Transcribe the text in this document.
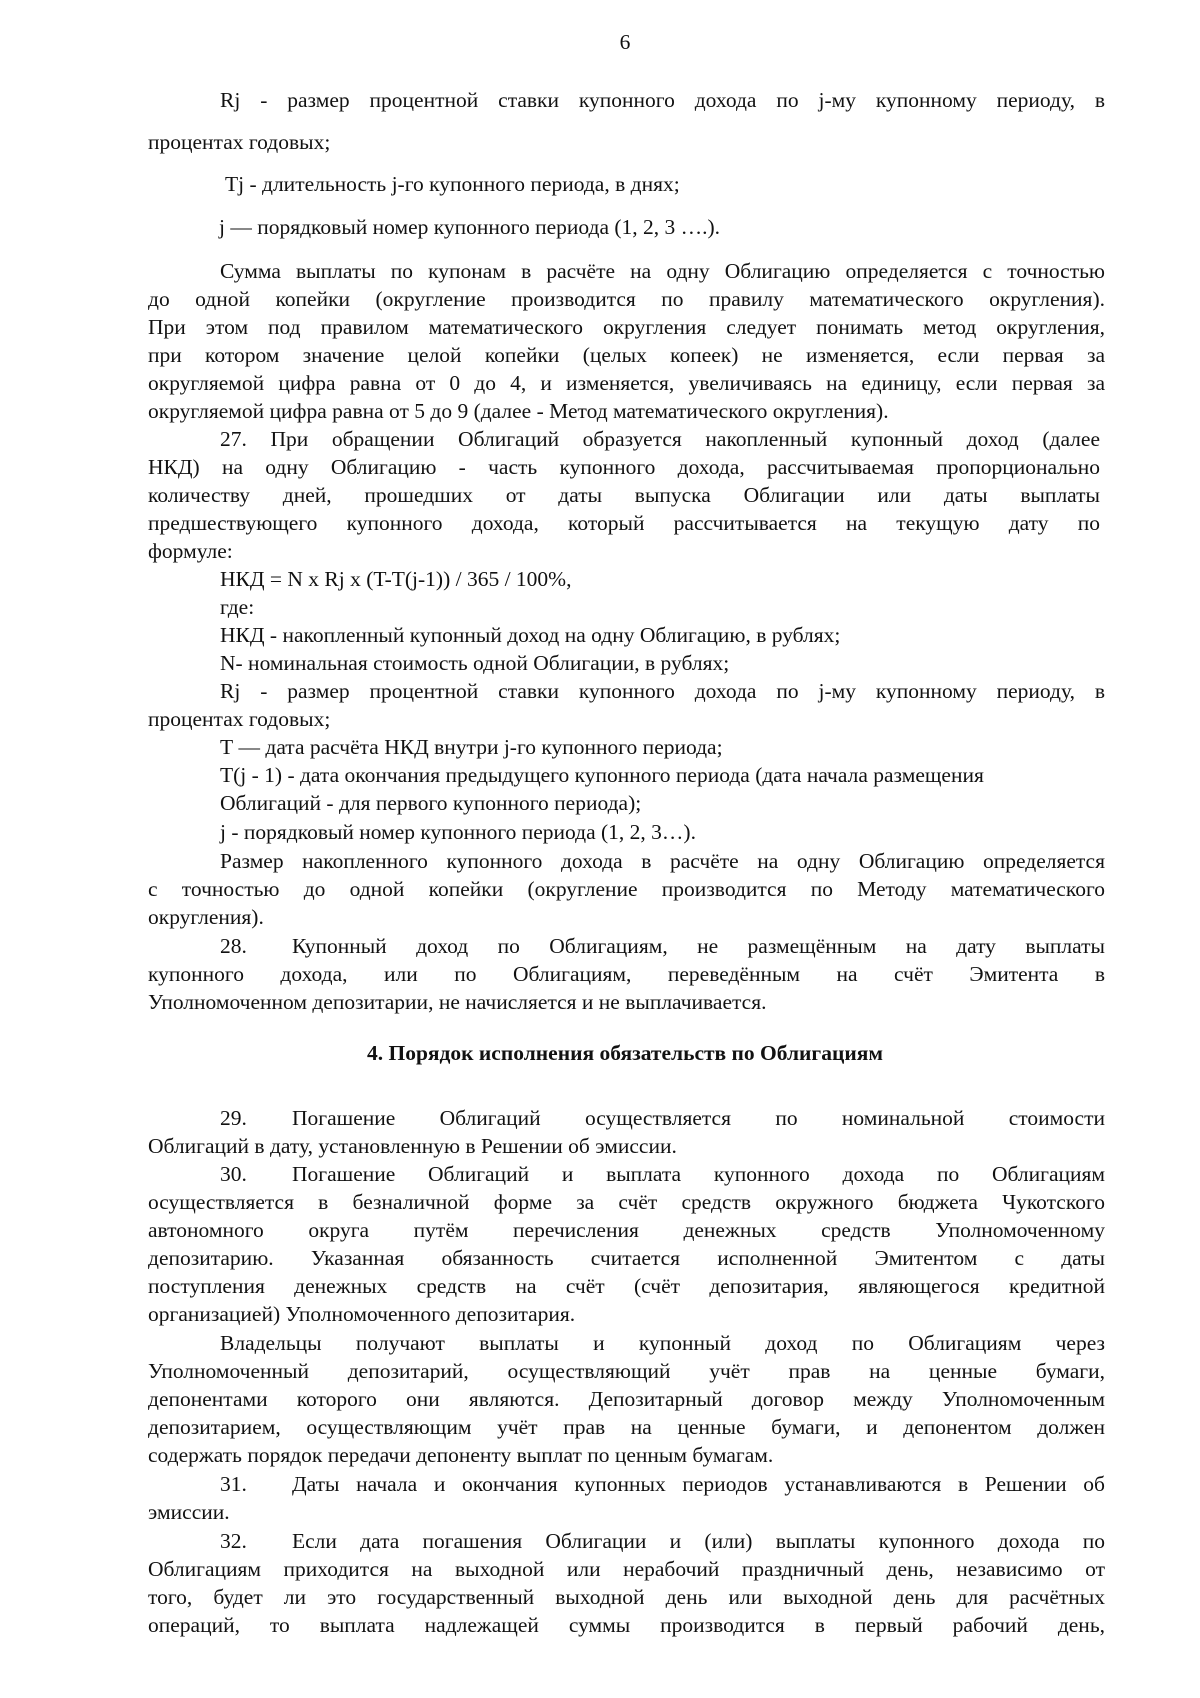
6
Rj - размер процентной ставки купонного дохода по j-му купонному периоду, в
процентах годовых;
Tj - длительность j-го купонного периода, в днях;
j — порядковый номер купонного периода (1, 2, 3 ….).
Сумма выплаты по купонам в расчёте на одну Облигацию определяется с точностью
до одной копейки (округление производится по правилу математического округления).
При этом под правилом математического округления следует понимать метод округления,
при котором значение целой копейки (целых копеек) не изменяется, если первая за
округляемой цифра равна от 0 до 4, и изменяется, увеличиваясь на единицу, если первая за
округляемой цифра равна от 5 до 9 (далее - Метод математического округления).
27. При обращении Облигаций образуется накопленный купонный доход (далее
НКД) на одну Облигацию - часть купонного дохода, рассчитываемая пропорционально
количеству дней, прошедших от даты выпуска Облигации или даты выплаты
предшествующего купонного дохода, который рассчитывается на текущую дату по
формуле:
НКД = N х Rj х (T-T(j-1)) / 365 / 100%,
где:
НКД - накопленный купонный доход на одну Облигацию, в рублях;
N- номинальная стоимость одной Облигации, в рублях;
Rj - размер процентной ставки купонного дохода по j-му купонному периоду, в
процентах годовых;
Т — дата расчёта НКД внутри j-го купонного периода;
T(j - 1) - дата окончания предыдущего купонного периода (дата начала размещения
Облигаций - для первого купонного периода);
j - порядковый номер купонного периода (1, 2, 3…).
Размер накопленного купонного дохода в расчёте на одну Облигацию определяется
с точностью до одной копейки (округление производится по Методу математического
округления).
28. Купонный доход по Облигациям, не размещённым на дату выплаты
купонного дохода, или по Облигациям, переведённым на счёт Эмитента в
Уполномоченном депозитарии, не начисляется и не выплачивается.
4. Порядок исполнения обязательств по Облигациям
29. Погашение Облигаций осуществляется по номинальной стоимости
Облигаций в дату, установленную в Решении об эмиссии.
30. Погашение Облигаций и выплата купонного дохода по Облигациям
осуществляется в безналичной форме за счёт средств окружного бюджета Чукотского
автономного округа путём перечисления денежных средств Уполномоченному
депозитарию. Указанная обязанность считается исполненной Эмитентом с даты
поступления денежных средств на счёт (счёт депозитария, являющегося кредитной
организацией) Уполномоченного депозитария.
Владельцы получают выплаты и купонный доход по Облигациям через
Уполномоченный депозитарий, осуществляющий учёт прав на ценные бумаги,
депонентами которого они являются. Депозитарный договор между Уполномоченным
депозитарием, осуществляющим учёт прав на ценные бумаги, и депонентом должен
содержать порядок передачи депоненту выплат по ценным бумагам.
31. Даты начала и окончания купонных периодов устанавливаются в Решении об
эмиссии.
32. Если дата погашения Облигации и (или) выплаты купонного дохода по
Облигациям приходится на выходной или нерабочий праздничный день, независимо от
того, будет ли это государственный выходной день или выходной день для расчётных
операций, то выплата надлежащей суммы производится в первый рабочий день,
